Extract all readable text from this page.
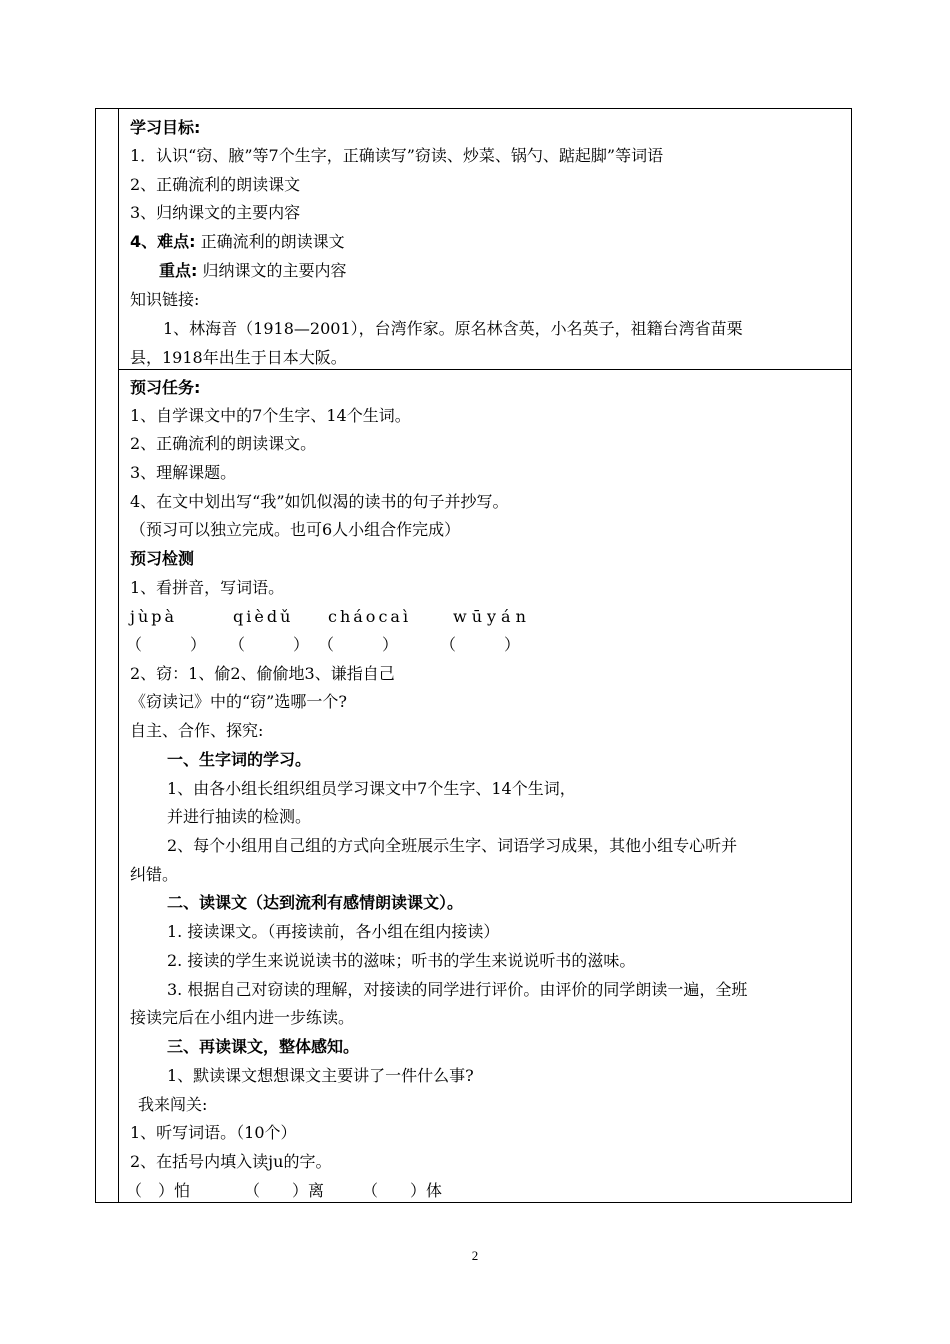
学习目标:
1．认识“窃、腋”等7个生字，正确读写”窃读、炒菜、锅勺、踮起脚”等词语
2、正确流利的朗读课文
3、归纳课文的主要内容
4、难点: 正确流利的朗读课文
重点: 归纳课文的主要内容
知识链接:
1、林海音（1918—2001），台湾作家。原名林含英，小名英子，祖籍台湾省苗栗
县，1918年出生于日本大阪。
预习任务:
1、自学课文中的7个生字、14个生词。
2、正确流利的朗读课文。
3、理解课题。
4、在文中划出写“我”如饥似渴的读书的句子并抄写。
（预习可以独立完成。也可6人小组合作完成）
预习检测
1、看拼音，写词语。
jùpà	qièdǔ cháocaì	wūyán
（　　　） （　　　） （　　　）	（　　　）
2、窃：1、偷2、偷偷地3、谦指自己
《窃读记》中的“窃”选哪一个?
自主、合作、探究:
一、生字词的学习。
1、由各小组长组织组员学习课文中7个生字、14个生词，
并进行抽读的检测。
2、每个小组用自己组的方式向全班展示生字、词语学习成果，其他小组专心听并
纠错。
二、读课文（达到流利有感情朗读课文）。
1. 接读课文。（再接读前，各小组在组内接读）
2. 接读的学生来说说读书的滋味；听书的学生来说说听书的滋味。
3. 根据自己对窃读的理解，对接读的同学进行评价。由评价的同学朗读一遍，全班
接读完后在小组内进一步练读。
三、再读课文，整体感知。
1、默读课文想想课文主要讲了一件什么事?
我来闯关:
1、听写词语。（10个）
2、在括号内填入读ju的字。
（　）怕	（　　）离 （　　）体
2
